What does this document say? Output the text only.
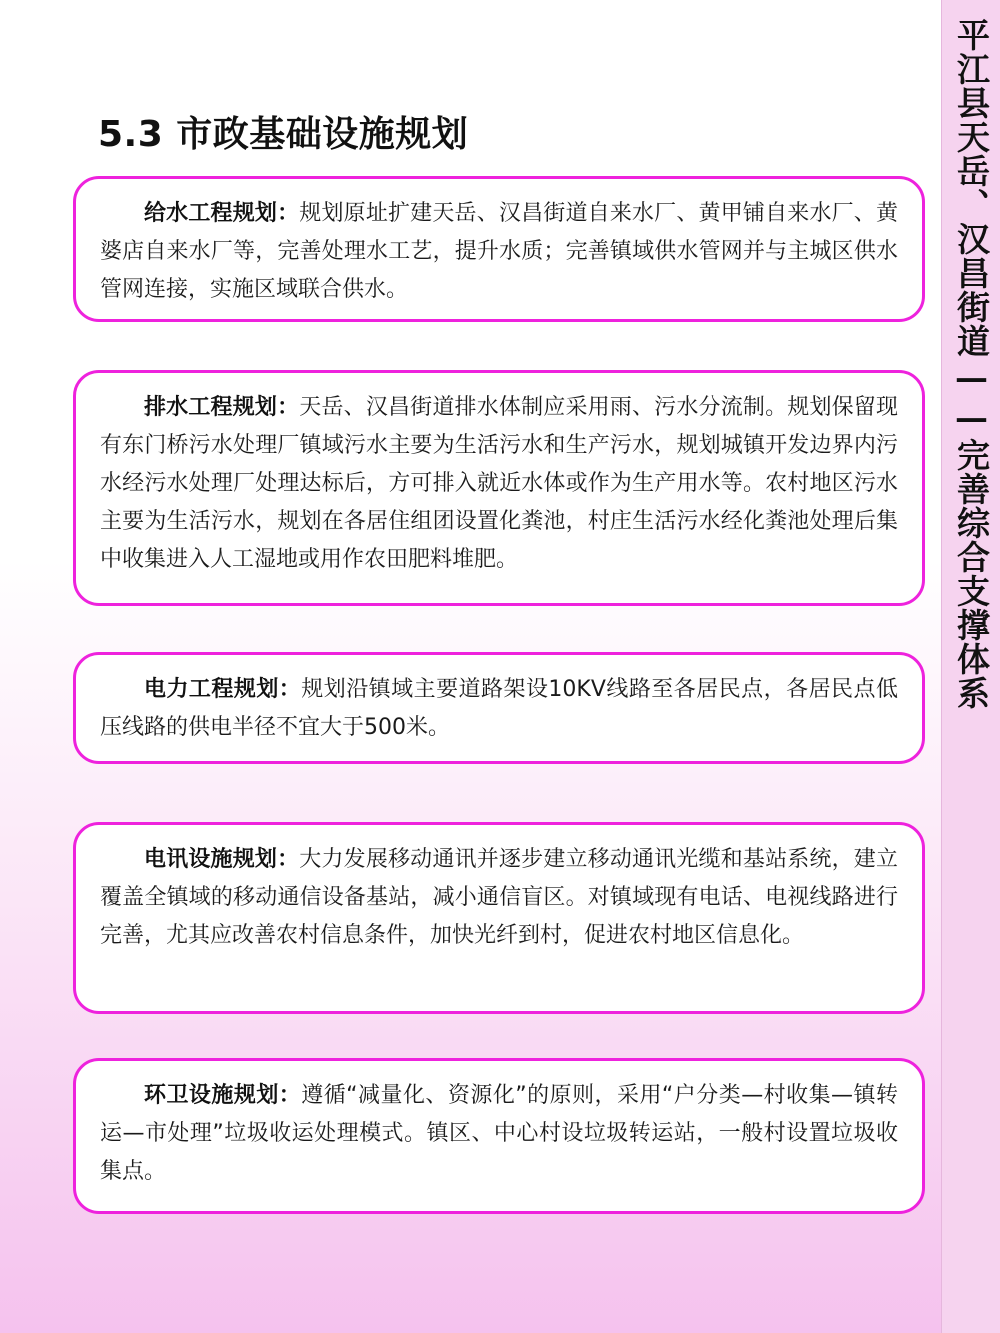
平江县天岳、汉昌街道——完善综合支撑体系
5.3 市政基础设施规划

给水工程规划：规划原址扩建天岳、汉昌街道自来水厂、黄甲铺自来水厂、黄婆店自来水厂等，完善处理水工艺，提升水质；完善镇域供水管网并与主城区供水管网连接，实施区域联合供水。

排水工程规划：天岳、汉昌街道排水体制应采用雨、污水分流制。规划保留现有东门桥污水处理厂镇域污水主要为生活污水和生产污水，规划城镇开发边界内污水经污水处理厂处理达标后，方可排入就近水体或作为生产用水等。农村地区污水主要为生活污水，规划在各居住组团设置化粪池，村庄生活污水经化粪池处理后集中收集进入人工湿地或用作农田肥料堆肥。

电力工程规划：规划沿镇域主要道路架设10KV线路至各居民点，各居民点低压线路的供电半径不宜大于500米。

电讯设施规划：大力发展移动通讯并逐步建立移动通讯光缆和基站系统，建立覆盖全镇域的移动通信设备基站，减小通信盲区。对镇域现有电话、电视线路进行完善，尤其应改善农村信息条件，加快光纤到村，促进农村地区信息化。

环卫设施规划：遵循“减量化、资源化”的原则，采用“户分类—村收集—镇转运—市处理”垃圾收运处理模式。镇区、中心村设垃圾转运站，一般村设置垃圾收集点。
